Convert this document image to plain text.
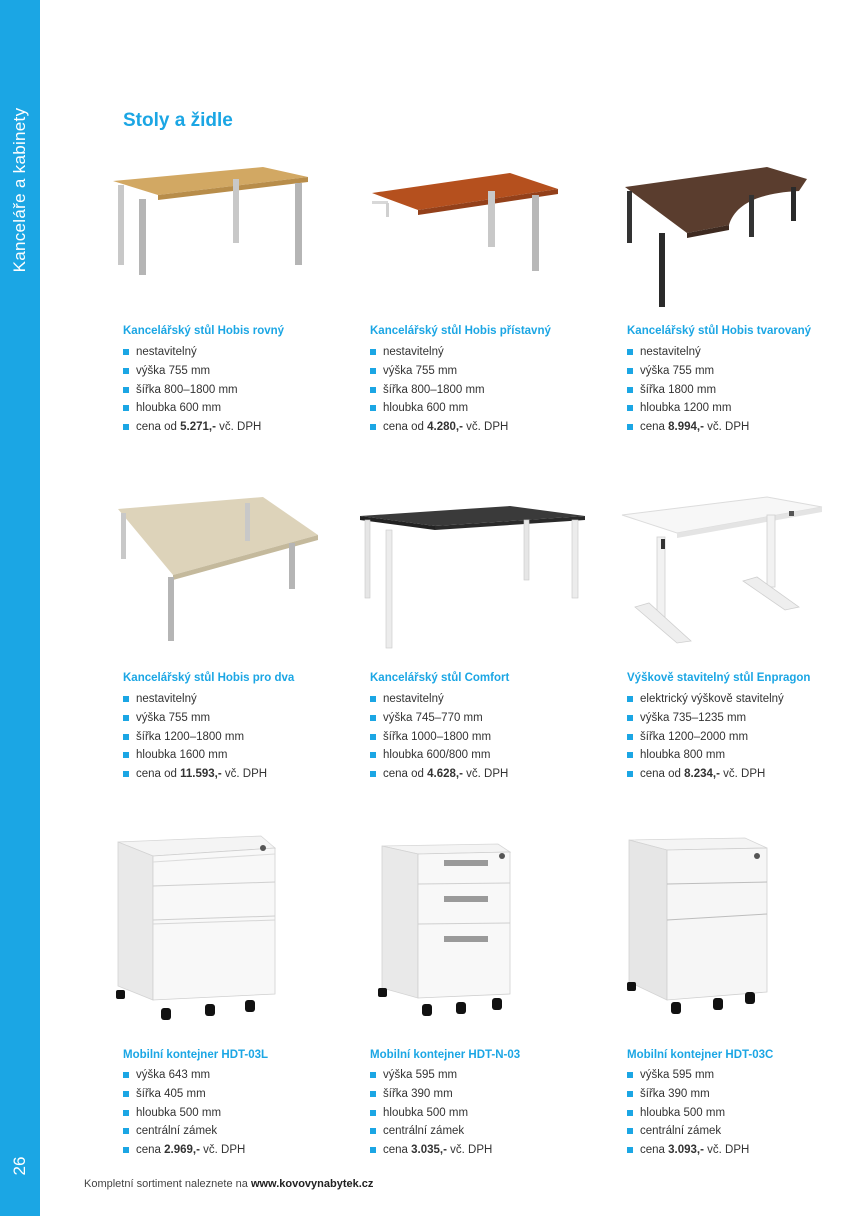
Kanceláře a kabinety
26
Stoly a židle
Kancelářský stůl Hobis rovný
nestavitelný
výška 755 mm
šířka 800–1800 mm
hloubka 600 mm
cena od 5.271,- vč. DPH
Kancelářský stůl Hobis přístavný
nestavitelný
výška 755 mm
šířka 800–1800 mm
hloubka 600 mm
cena od 4.280,- vč. DPH
Kancelářský stůl Hobis tvarovaný
nestavitelný
výška 755 mm
šířka 1800 mm
hloubka 1200 mm
cena 8.994,- vč. DPH
Kancelářský stůl Hobis pro dva
nestavitelný
výška 755 mm
šířka 1200–1800 mm
hloubka 1600 mm
cena od 11.593,- vč. DPH
Kancelářský stůl Comfort
nestavitelný
výška 745–770 mm
šířka 1000–1800 mm
hloubka 600/800 mm
cena od 4.628,- vč. DPH
Výškově stavitelný stůl Enpragon
elektrický výškově stavitelný
výška 735–1235 mm
šířka 1200–2000 mm
hloubka 800 mm
cena od 8.234,- vč. DPH
Mobilní kontejner HDT-03L
výška 643 mm
šířka 405 mm
hloubka 500 mm
centrální zámek
cena 2.969,- vč. DPH
Mobilní kontejner HDT-N-03
výška 595 mm
šířka 390 mm
hloubka 500 mm
centrální zámek
cena 3.035,- vč. DPH
Mobilní kontejner HDT-03C
výška 595 mm
šířka 390 mm
hloubka 500 mm
centrální zámek
cena 3.093,- vč. DPH
Kompletní sortiment naleznete na www.kovovynabytek.cz
